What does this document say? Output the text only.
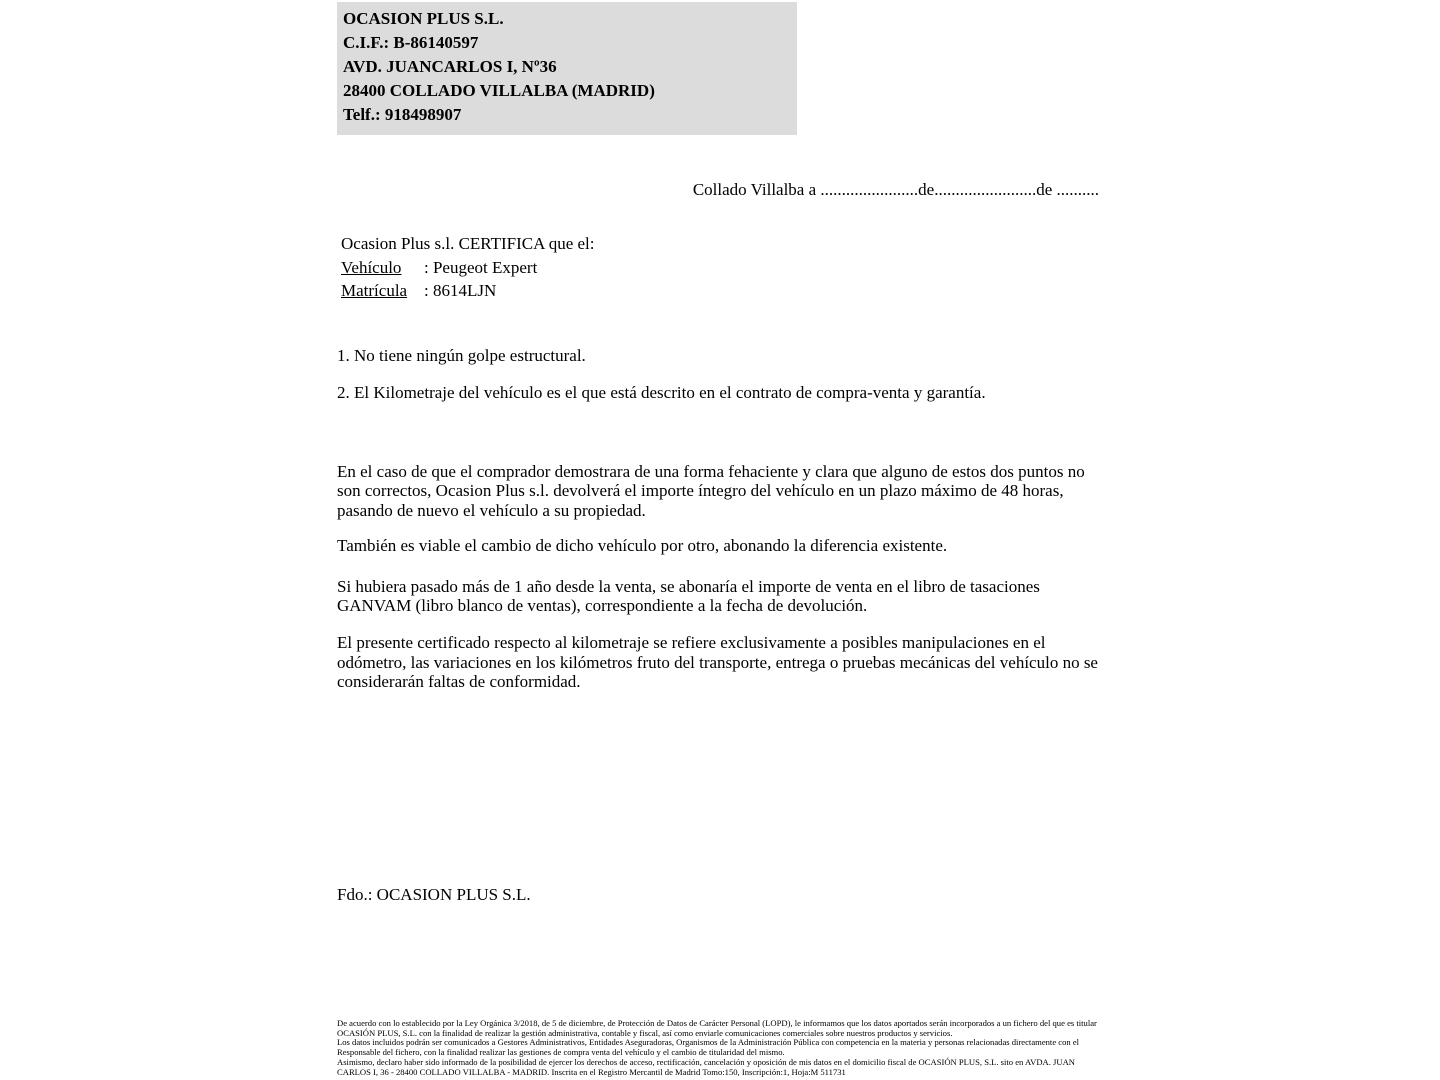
OCASION PLUS S.L.
C.I.F.: B-86140597
AVD. JUANCARLOS I, Nº36
28400 COLLADO VILLALBA (MADRID)
Telf.: 918498907
Collado Villalba a .......................de........................de ..........
Ocasion Plus s.l. CERTIFICA que el:
Vehículo	: Peugeot Expert
Matrícula : 8614LJN
1. No tiene ningún golpe estructural.
2. El Kilometraje del vehículo es el que está descrito en el contrato de compra-venta y garantía.
En el caso de que el comprador demostrara de una forma fehaciente y clara que alguno de estos dos puntos no son correctos, Ocasion Plus s.l. devolverá el importe íntegro del vehículo en un plazo máximo de 48 horas, pasando de nuevo el vehículo a su propiedad.
También es viable el cambio de dicho vehículo por otro, abonando la diferencia existente.
Si hubiera pasado más de 1 año desde la venta, se abonaría el importe de venta en el libro de tasaciones GANVAM (libro blanco de ventas), correspondiente a la fecha de devolución.
El presente certificado respecto al kilometraje se refiere exclusivamente a posibles manipulaciones en el odómetro, las variaciones en los kilómetros fruto del transporte, entrega o pruebas mecánicas del vehículo no se considerarán faltas de conformidad.
Fdo.: OCASION PLUS S.L.
De acuerdo con lo establecido por la Ley Orgánica 3/2018, de 5 de diciembre, de Protección de Datos de Carácter Personal (LOPD), le informamos que los datos aportados serán incorporados a un fichero del que es titular OCASIÓN PLUS, S.L. con la finalidad de realizar la gestión administrativa, contable y fiscal, así como enviarle comunicaciones comerciales sobre nuestros productos y servicios.
Los datos incluidos podrán ser comunicados a Gestores Administrativos, Entidades Aseguradoras, Organismos de la Administración Pública con competencia en la materia y personas relacionadas directamente con el Responsable del fichero, con la finalidad realizar las gestiones de compra venta del vehículo y el cambio de titularidad del mismo.
Asimismo, declaro haber sido informado de la posibilidad de ejercer los derechos de acceso, rectificación, cancelación y oposición de mis datos en el domicilio fiscal de OCASIÓN PLUS, S.L. sito en AVDA. JUAN CARLOS I, 36 - 28400 COLLADO VILLALBA - MADRID. Inscrita en el Registro Mercantil de Madrid Tomo:150, Inscripción:1, Hoja:M 511731
